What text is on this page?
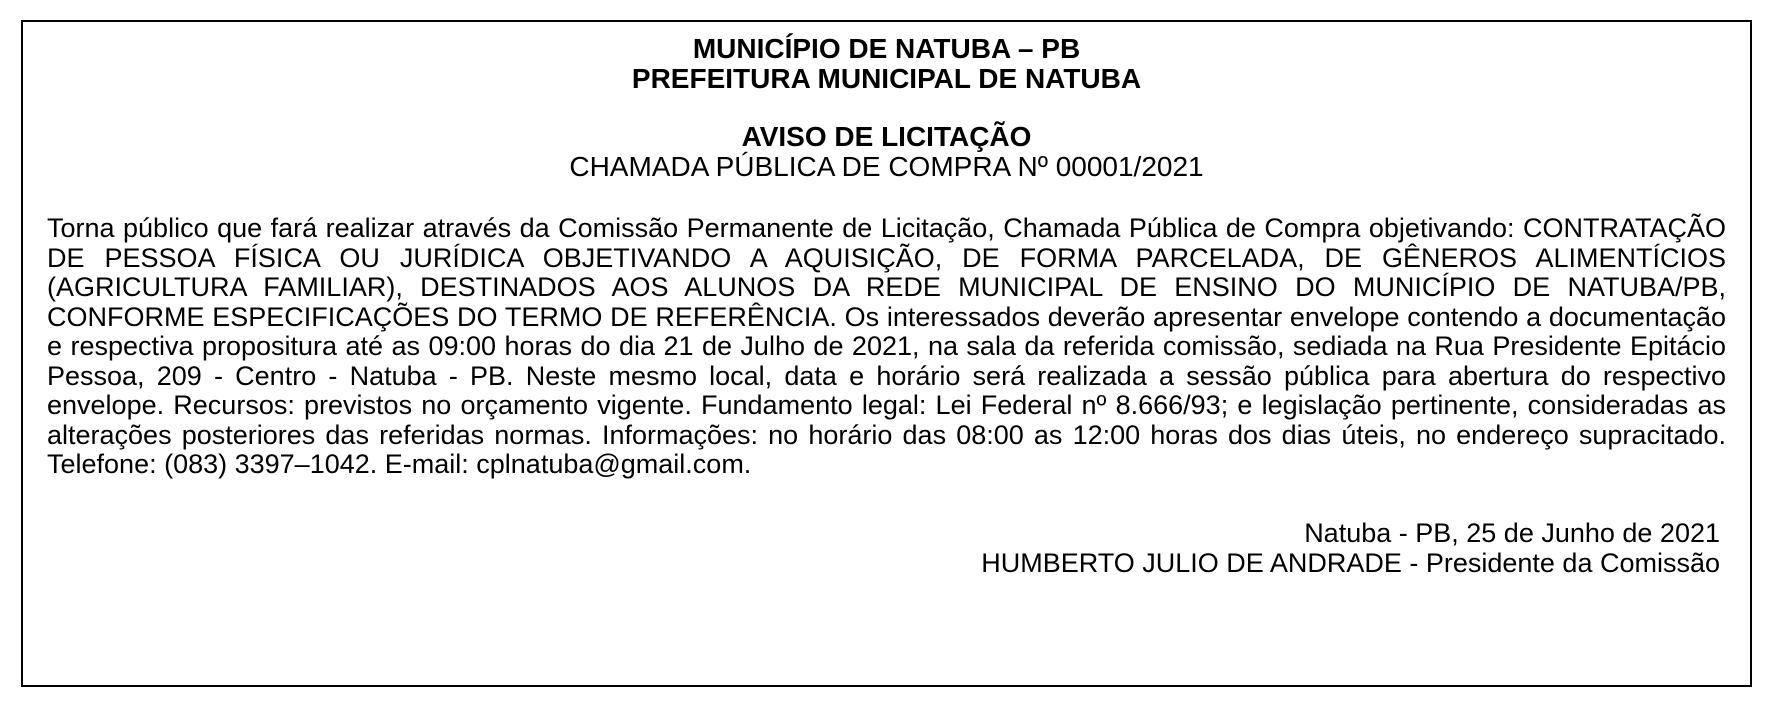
MUNICÍPIO DE NATUBA – PB
PREFEITURA MUNICIPAL DE NATUBA
AVISO DE LICITAÇÃO
CHAMADA PÚBLICA DE COMPRA Nº 00001/2021

Torna público que fará realizar através da Comissão Permanente de Licitação, Chamada Pública de Compra objetivando: CONTRATAÇÃO DE PESSOA FÍSICA OU JURÍDICA OBJETIVANDO A AQUISIÇÃO, DE FORMA PARCELADA, DE GÊNEROS ALIMENTÍCIOS (AGRICULTURA FAMILIAR), DESTINADOS AOS ALUNOS DA REDE MUNICIPAL DE ENSINO DO MUNICÍPIO DE NATUBA/PB, CONFORME ESPECIFICAÇÕES DO TERMO DE REFERÊNCIA. Os interessados deverão apresentar envelope contendo a documentação e respectiva propositura até as 09:00 horas do dia 21 de Julho de 2021, na sala da referida comissão, sediada na Rua Presidente Epitácio Pessoa, 209 - Centro - Natuba - PB. Neste mesmo local, data e horário será realizada a sessão pública para abertura do respectivo envelope. Recursos: previstos no orçamento vigente. Fundamento legal: Lei Federal nº 8.666/93; e legislação pertinente, consideradas as alterações posteriores das referidas normas. Informações: no horário das 08:00 as 12:00 horas dos dias úteis, no endereço supracitado. Telefone: (083) 3397–1042. E-mail: cplnatuba@gmail.com.

Natuba - PB, 25 de Junho de 2021
HUMBERTO JULIO DE ANDRADE - Presidente da Comissão
